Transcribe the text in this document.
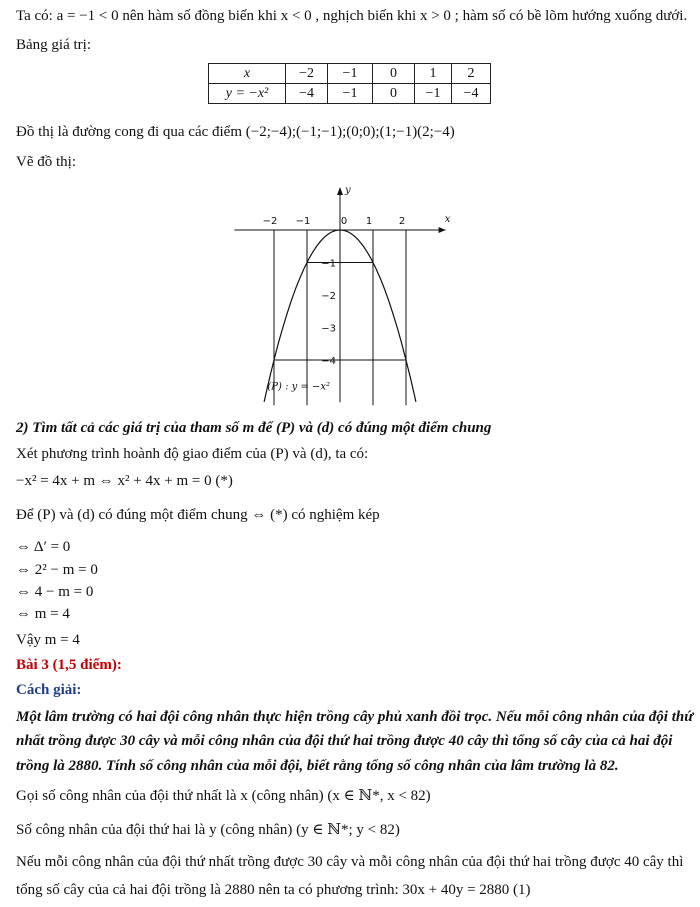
Ta có: a = −1 < 0 nên hàm số đồng biến khi x < 0 , nghịch biến khi x > 0 ; hàm số có bề lõm hướng xuống dưới.
Bảng giá trị:
x	−2	−1	0	1	2
y = −x²	−4	−1	0	−1	−4
Đồ thị là đường cong đi qua các điểm (−2;−4);(−1;−1);(0;0);(1;−1)(2;−4)
Vẽ đồ thị:
x
y
−2 −1	0 1	2
−1
−2
−3
−4
(P) : y = −x²
2) Tìm tất cả các giá trị của tham số m để (P) và (d) có đúng một điểm chung
Xét phương trình hoành độ giao điểm của (P) và (d), ta có:
−x² = 4x + m ⇔ x² + 4x + m = 0 (*)
Để (P) và (d) có đúng một điểm chung ⇔ (*) có nghiệm kép
⇔ Δ′ = 0
⇔ 2² − m = 0
⇔ 4 − m = 0
⇔ m = 4
Vậy m = 4
Bài 3 (1,5 điểm):
Cách giải:
Một lâm trường có hai đội công nhân thực hiện trồng cây phủ xanh đồi trọc. Nếu mỗi công nhân của đội thứ
nhất trồng được 30 cây và mỗi công nhân của đội thứ hai trồng được 40 cây thì tổng số cây của cả hai đội
trồng là 2880. Tính số công nhân của mỗi đội, biết rằng tổng số công nhân của lâm trường là 82.
Gọi số công nhân của đội thứ nhất là x (công nhân) (x ∈ ℕ*, x < 82)
Số công nhân của đội thứ hai là y (công nhân) (y ∈ ℕ*; y < 82)
Nếu mỗi công nhân của đội thứ nhất trồng được 30 cây và mỗi công nhân của đội thứ hai trồng được 40 cây thì
tổng số cây của cả hai đội trồng là 2880 nên ta có phương trình: 30x + 40y = 2880 (1)
